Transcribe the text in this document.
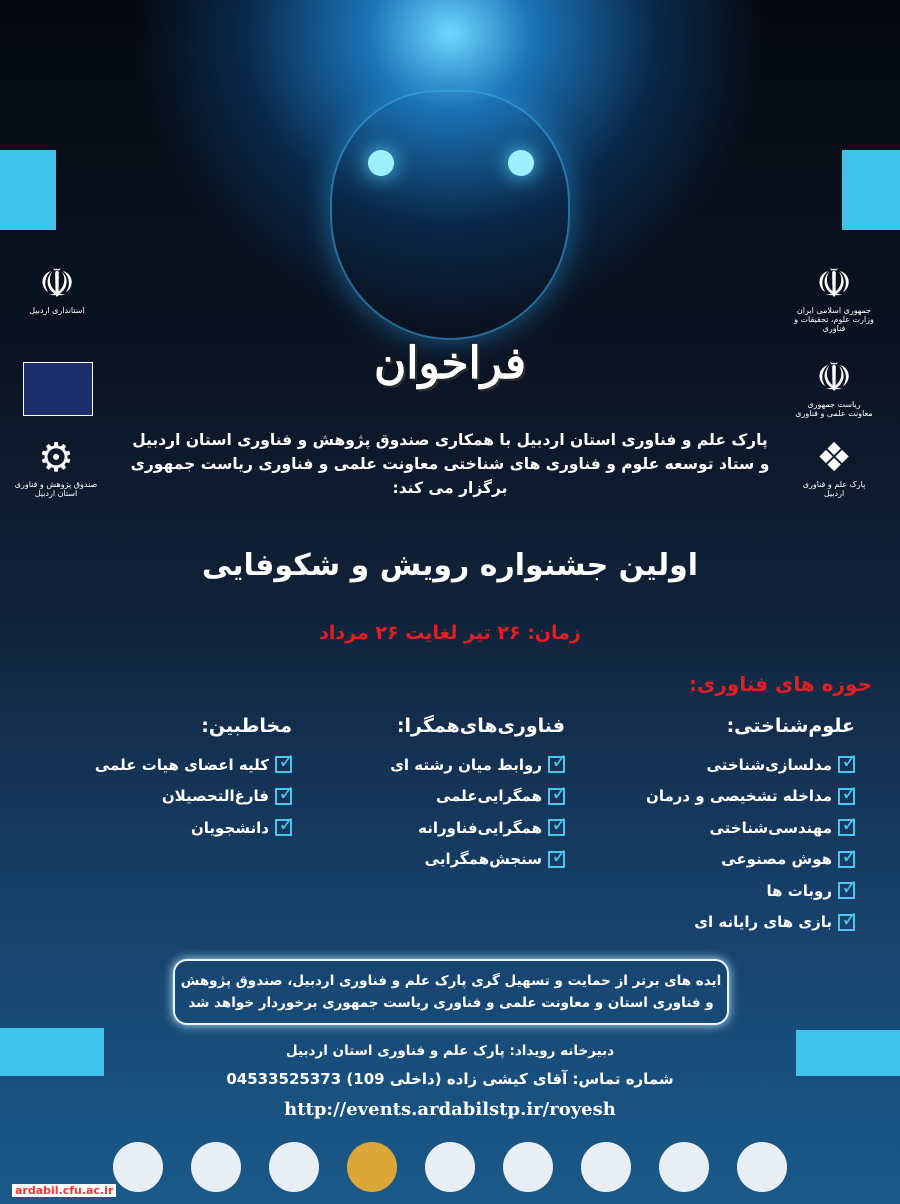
☫
استانداری اردبیل
⚙
صندوق پژوهش و فناوری استان اردبیل
☫
جمهوری اسلامی ایران
وزارت علوم، تحقیقات و فناوری
☫
ریاست جمهوری
معاونت علمی و فناوری
❖
پارک علم و فناوری اردبیل
فراخوان
پارک علم و فناوری استان اردبیل با همکاری صندوق پژوهش و فناوری استان اردبیل
و ستاد توسعه علوم و فناوری های شناختی معاونت علمی و فناوری ریاست جمهوری
برگزار می کند:
اولین جشنواره رویش و شکوفایی
زمان: ۲۶ تیر لغایت ۲۶ مرداد
حوزه های فناوری:
علوم‌شناختی:
✓
مدلسازی‌شناختی
✓
مداخله تشخیصی و درمان
✓
مهندسی‌شناختی
✓
هوش مصنوعی
✓
روبات ها
✓
بازی های رایانه ای
فناوری‌های‌همگرا:
✓
روابط میان رشته ای
✓
همگرایی‌علمی
✓
همگرایی‌فناورانه
✓
سنجش‌همگرایی
مخاطبین:
✓
کلیه اعضای هیات علمی
✓
فارغ‌التحصیلان
✓
دانشجویان
ایده های برتر از حمایت و تسهیل گری پارک علم و فناوری اردبیل، صندوق پژوهش
و فناوری استان و معاونت علمی و فناوری ریاست جمهوری برخوردار خواهد شد
دبیرخانه رویداد: پارک علم و فناوری استان اردبیل
شماره تماس: آقای کیشی زاده (داخلی 109) 04533525373
http://events.ardabilstp.ir/royesh
ardabil.cfu.ac.ir
